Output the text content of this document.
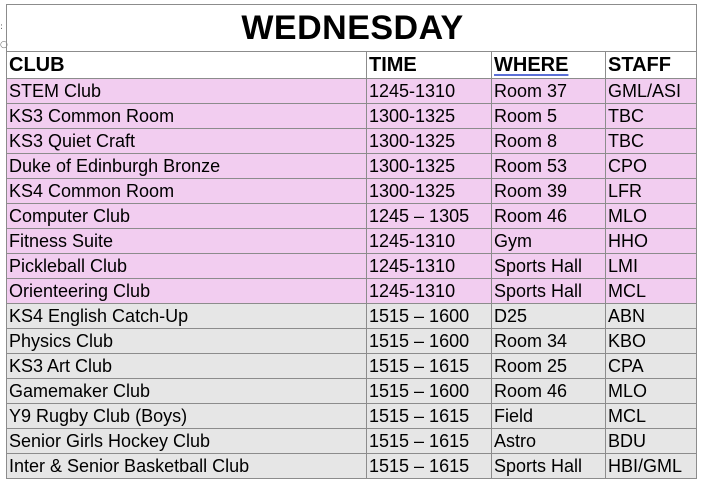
:
○	WEDNESDAY			
CLUB	TIME	WHERE	STAFF
STEM Club	1245-1310	Room 37	GML/ASI
KS3 Common Room	1300-1325	Room 5	TBC
KS3 Quiet Craft	1300-1325	Room 8	TBC
Duke of Edinburgh Bronze	1300-1325	Room 53	CPO
KS4 Common Room	1300-1325	Room 39	LFR
Computer Club	1245 – 1305	Room 46	MLO
Fitness Suite	1245-1310	Gym	HHO
Pickleball Club	1245-1310	Sports Hall	LMI
Orienteering Club	1245-1310	Sports Hall	MCL
KS4 English Catch-Up	1515 – 1600	D25	ABN
Physics Club	1515 – 1600	Room 34	KBO
KS3 Art Club	1515 – 1615	Room 25	CPA
Gamemaker Club	1515 – 1600	Room 46	MLO
Y9 Rugby Club (Boys)	1515 – 1615	Field	MCL
Senior Girls Hockey Club	1515 – 1615	Astro	BDU
Inter & Senior Basketball Club	1515 – 1615	Sports Hall	HBI/GML
